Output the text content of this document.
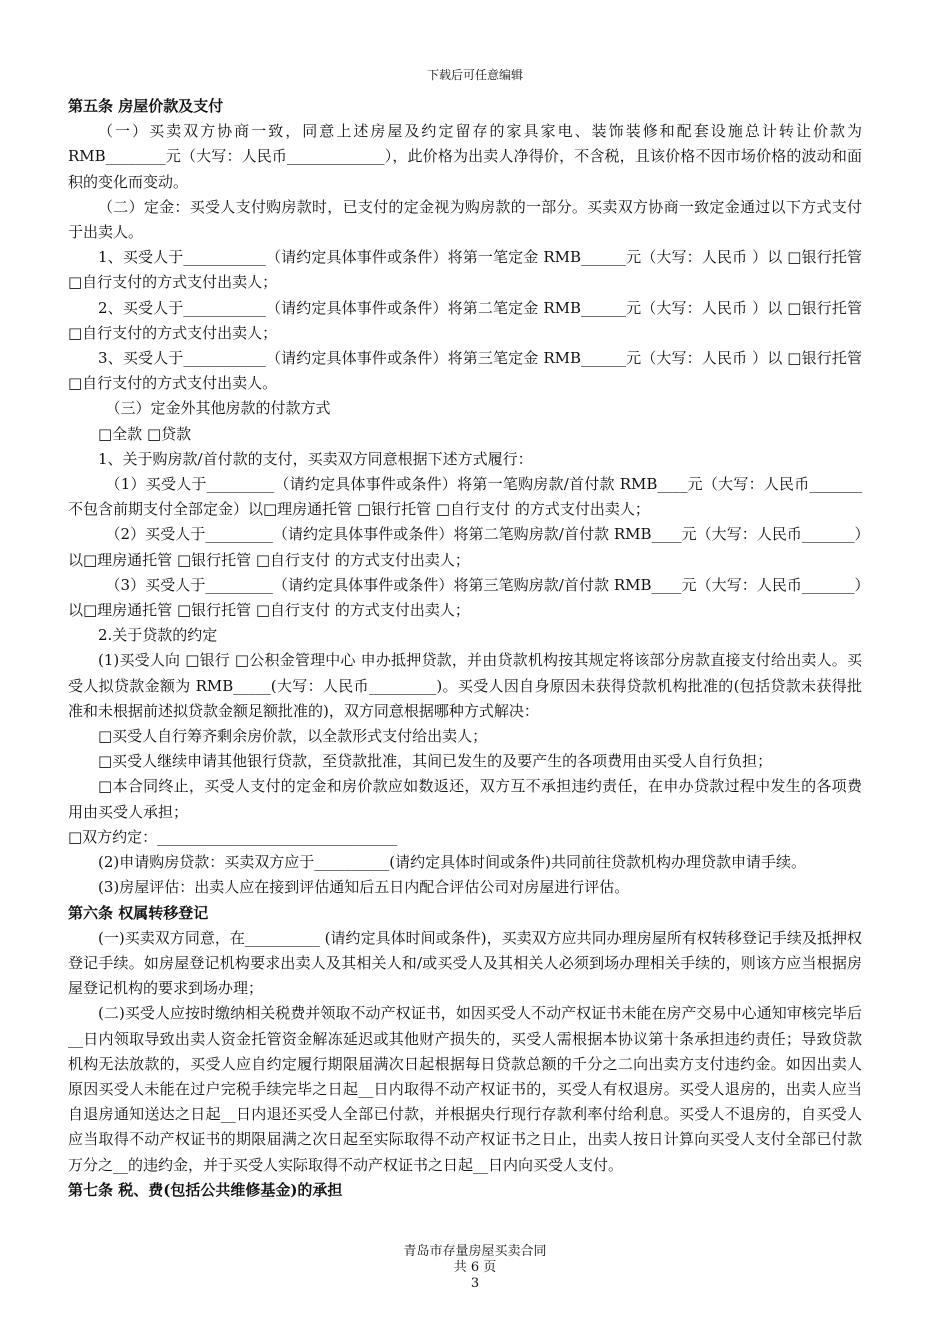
下载后可任意编辑

第五条 房屋价款及支付

（一）买卖双方协商一致，同意上述房屋及约定留存的家具家电、装饰装修和配套设施总计转让价款为RMB________元（大写：人民币_____________），此价格为出卖人净得价，不含税，且该价格不因市场价格的波动和面积的变化而变动。

（二）定金：买受人支付购房款时，已支付的定金视为购房款的一部分。买卖双方协商一致定金通过以下方式支付于出卖人。

1、买受人于___________（请约定具体事件或条件）将第一笔定金 RMB______元（大写：人民币 ）以 □银行托管 □自行支付的方式支付出卖人；

2、买受人于___________（请约定具体事件或条件）将第二笔定金 RMB______元（大写：人民币 ）以 □银行托管 □自行支付的方式支付出卖人；

3、买受人于___________（请约定具体事件或条件）将第三笔定金 RMB______元（大写：人民币 ）以 □银行托管 □自行支付的方式支付出卖人。

（三）定金外其他房款的付款方式

□全款 □贷款

1、关于购房款/首付款的支付，买卖双方同意根据下述方式履行：

（1）买受人于_________（请约定具体事件或条件）将第一笔购房款/首付款 RMB____元（大写：人民币_______不包含前期支付全部定金）以□理房通托管 □银行托管 □自行支付 的方式支付出卖人；

（2）买受人于_________（请约定具体事件或条件）将第二笔购房款/首付款 RMB____元（大写：人民币_______）以□理房通托管 □银行托管 □自行支付 的方式支付出卖人；

（3）买受人于_________（请约定具体事件或条件）将第三笔购房款/首付款 RMB____元（大写：人民币_______）以□理房通托管 □银行托管 □自行支付 的方式支付出卖人；

2.关于贷款的约定

(1)买受人向 □银行 □公积金管理中心 申办抵押贷款，并由贷款机构按其规定将该部分房款直接支付给出卖人。买受人拟贷款金额为 RMB_____(大写：人民币_________)。买受人因自身原因未获得贷款机构批准的(包括贷款未获得批准和未根据前述拟贷款金额足额批准的)，双方同意根据哪种方式解决：

□买受人自行筹齐剩余房价款，以全款形式支付给出卖人；

□买受人继续申请其他银行贷款，至贷款批准，其间已发生的及要产生的各项费用由买受人自行负担；

□本合同终止，买受人支付的定金和房价款应如数返还，双方互不承担违约责任，在申办贷款过程中发生的各项费用由买受人承担；

□双方约定：________________________________

(2)申请购房贷款：买卖双方应于__________(请约定具体时间或条件)共同前往贷款机构办理贷款申请手续。

(3)房屋评估：出卖人应在接到评估通知后五日内配合评估公司对房屋进行评估。

第六条 权属转移登记

(一)买卖双方同意，在__________ (请约定具体时间或条件)，买卖双方应共同办理房屋所有权转移登记手续及抵押权登记手续。如房屋登记机构要求出卖人及其相关人和/或买受人及其相关人必须到场办理相关手续的，则该方应当根据房屋登记机构的要求到场办理；

(二)买受人应按时缴纳相关税费并领取不动产权证书，如因买受人不动产权证书未能在房产交易中心通知审核完毕后__日内领取导致出卖人资金托管资金解冻延迟或其他财产损失的，买受人需根据本协议第十条承担违约责任；导致贷款机构无法放款的，买受人应自约定履行期限届满次日起根据每日贷款总额的千分之二向出卖方支付违约金。如因出卖人原因买受人未能在过户完税手续完毕之日起__日内取得不动产权证书的，买受人有权退房。买受人退房的，出卖人应当自退房通知送达之日起__日内退还买受人全部已付款，并根据央行现行存款利率付给利息。买受人不退房的，自买受人应当取得不动产权证书的期限届满之次日起至实际取得不动产权证书之日止，出卖人按日计算向买受人支付全部已付款万分之__的违约金，并于买受人实际取得不动产权证书之日起__日内向买受人支付。

第七条 税、费(包括公共维修基金)的承担

青岛市存量房屋买卖合同
共 6 页
3
